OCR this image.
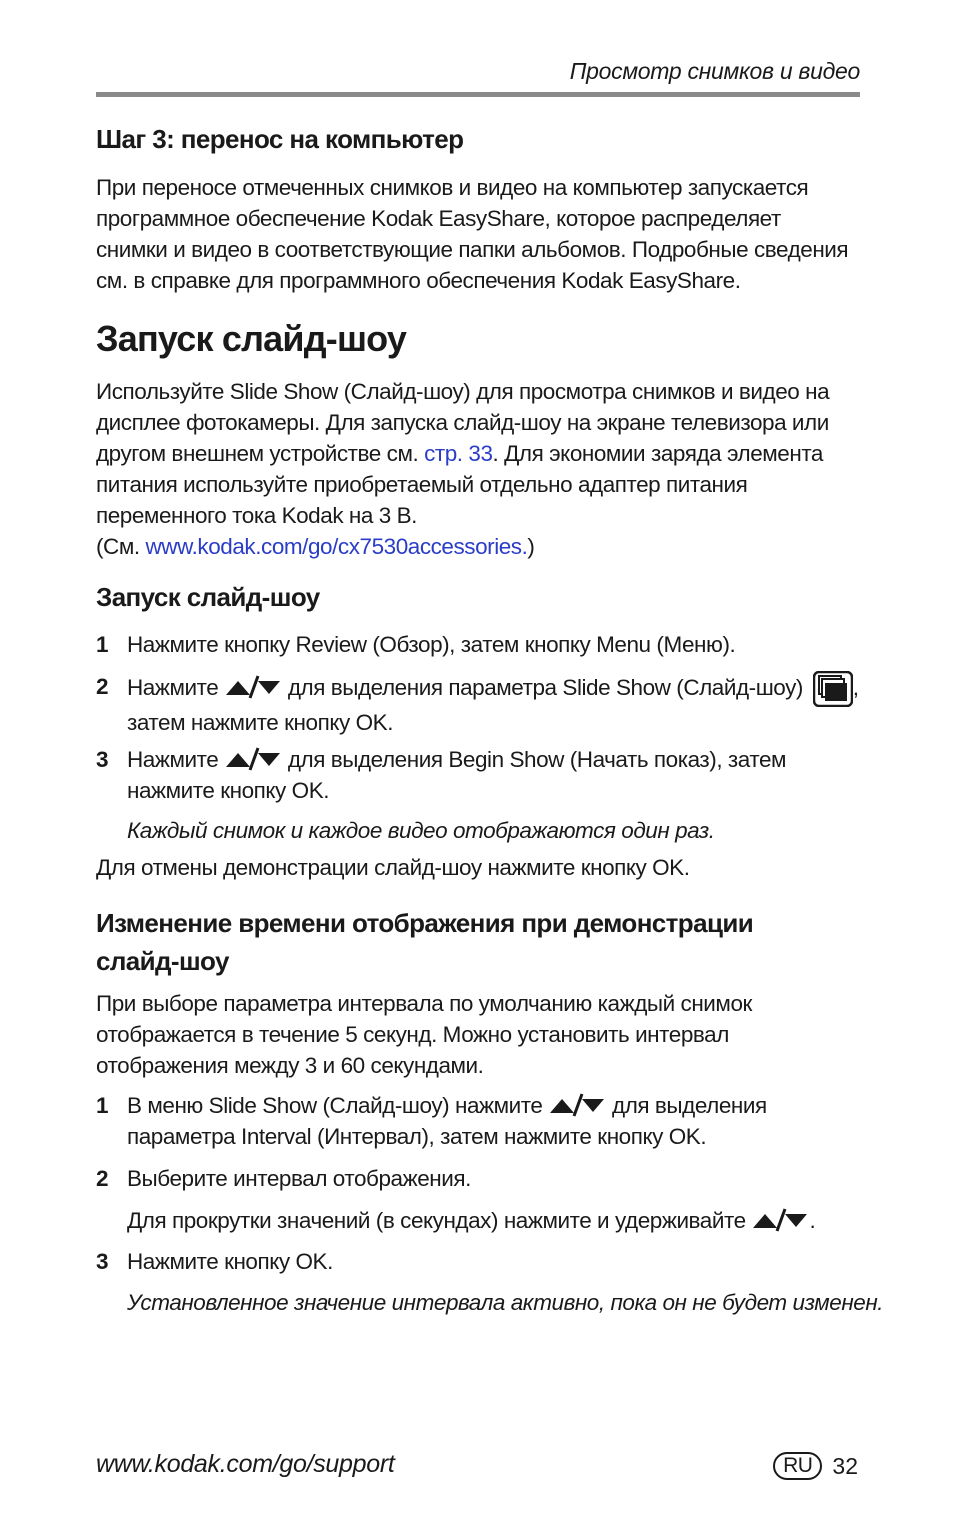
Просмотр снимков и видео
Шаг 3: перенос на компьютер
При переносе отмеченных снимков и видео на компьютер запускается
программное обеспечение Kodak EasyShare, которое распределяет
снимки и видео в соответствующие папки альбомов. Подробные сведения
см. в справке для программного обеспечения Kodak EasyShare.
Запуск слайд-шоу
Используйте Slide Show (Слайд-шоу) для просмотра снимков и видео на
дисплее фотокамеры. Для запуска слайд-шоу на экране телевизора или
другом внешнем устройстве см. стр. 33. Для экономии заряда элемента
питания используйте приобретаемый отдельно адаптер питания
переменного тока Kodak на 3 В.
(См. www.kodak.com/go/cx7530accessories.)
Запуск слайд-шоу
1 Нажмите кнопку Review (Обзор), затем кнопку Menu (Меню).
2 Нажмите	для выделения параметра Slide Show (Слайд-шоу) ,
затем нажмите кнопку OK.
3 Нажмите	для выделения Begin Show (Начать показ), затем
нажмите кнопку OK.
Каждый снимок и каждое видео отображаются один раз.
Для отмены демонстрации слайд-шоу нажмите кнопку OK.
Изменение времени отображения при демонстрации
слайд-шоу
При выборе параметра интервала по умолчанию каждый снимок
отображается в течение 5 секунд. Можно установить интервал
отображения между 3 и 60 секундами.
1 В меню Slide Show (Слайд-шоу) нажмите	для выделения
параметра Interval (Интервал), затем нажмите кнопку OK.
2 Выберите интервал отображения.
Для прокрутки значений (в секундах) нажмите и удерживайте	.
3 Нажмите кнопку OK.
Установленное значение интервала активно, пока он не будет изменен.
www.kodak.com/go/support	RU 32
